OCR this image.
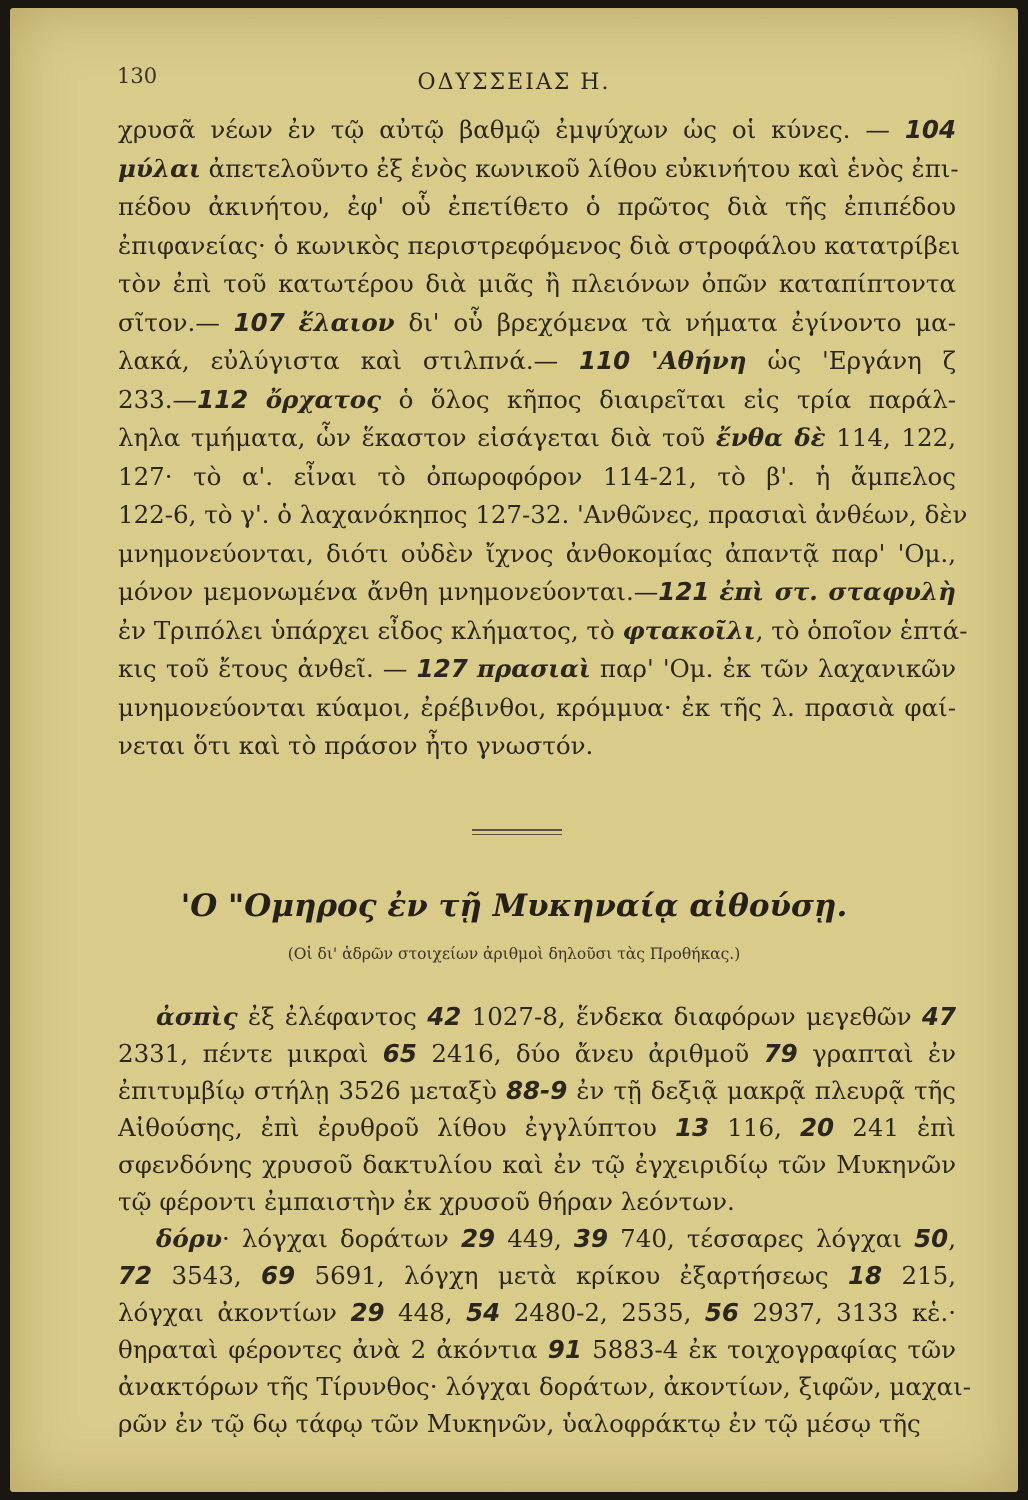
130	ΟΔΥΣΣΕΙΑΣ Η.

χρυσᾶ νέων ἐν τῷ αὐτῷ βαθμῷ ἐμψύχων ὡς οἱ κύνες. — 104
μύλαι ἀπετελοῦντο ἐξ ἑνὸς κωνικοῦ λίθου εὐκινήτου καὶ ἑνὸς ἐπι-
πέδου ἀκινήτου, ἐφ' οὗ ἐπετίθετο ὁ πρῶτος διὰ τῆς ἐπιπέδου
ἐπιφανείας· ὁ κωνικὸς περιστρεφόμενος διὰ στροφάλου κατατρίβει
τὸν ἐπὶ τοῦ κατωτέρου διὰ μιᾶς ἢ πλειόνων ὀπῶν καταπίπτοντα
σῖτον.— 107 ἔλαιον δι' οὗ βρεχόμενα τὰ νήματα ἐγίνοντο μα-
λακά, εὐλύγιστα καὶ στιλπνά.— 110 'Αθήνη ὡς 'Εργάνη ζ
233.—112 ὄρχατος ὁ ὅλος κῆπος διαιρεῖται εἰς τρία παράλ-
ληλα τμήματα, ὧν ἕκαστον εἰσάγεται διὰ τοῦ ἔνθα δὲ 114, 122,
127· τὸ α'. εἶναι τὸ ὀπωροφόρον 114-21, τὸ β'. ἡ ἄμπελος
122-6, τὸ γ'. ὁ λαχανόκηπος 127-32. 'Ανθῶνες, πρασιαὶ ἀνθέων, δὲν
μνημονεύονται, διότι οὐδὲν ἴχνος ἀνθοκομίας ἀπαντᾷ παρ' 'Ομ.,
μόνον μεμονωμένα ἄνθη μνημονεύονται.—121 ἐπὶ στ. σταφυλὴ
ἐν Τριπόλει ὑπάρχει εἶδος κλήματος, τὸ φτακοῖλι, τὸ ὁποῖον ἑπτά-
κις τοῦ ἔτους ἀνθεῖ. — 127 πρασιαὶ παρ' 'Ομ. ἐκ τῶν λαχανικῶν
μνημονεύονται κύαμοι, ἐρέβινθοι, κρόμμυα· ἐκ τῆς λ. πρασιὰ φαί-
νεται ὅτι καὶ τὸ πράσον ἦτο γνωστόν.

'Ο "Ομηρος ἐν τῇ Μυκηναίᾳ αἰθούσῃ.
(Οἱ δι' ἁδρῶν στοιχείων ἀριθμοὶ δηλοῦσι τὰς Προθήκας.)

ἀσπὶς ἐξ ἐλέφαντος 42 1027-8, ἕνδεκα διαφόρων μεγεθῶν 47
2331, πέντε μικραὶ 65 2416, δύο ἄνευ ἀριθμοῦ 79 γραπταὶ ἐν
ἐπιτυμβίῳ στήλῃ 3526 μεταξὺ 88-9 ἐν τῇ δεξιᾷ μακρᾷ πλευρᾷ τῆς
Αἰθούσης, ἐπὶ ἐρυθροῦ λίθου ἐγγλύπτου 13 116, 20 241 ἐπὶ
σφενδόνης χρυσοῦ δακτυλίου καὶ ἐν τῷ ἐγχειριδίῳ τῶν Μυκηνῶν
τῷ φέροντι ἐμπαιστὴν ἐκ χρυσοῦ θήραν λεόντων.
δόρυ· λόγχαι δοράτων 29 449, 39 740, τέσσαρες λόγχαι 50,
72 3543, 69 5691, λόγχη μετὰ κρίκου ἐξαρτήσεως 18 215,
λόγχαι ἀκοντίων 29 448, 54 2480-2, 2535, 56 2937, 3133 κἑ.·
θηραταὶ φέροντες ἀνὰ 2 ἀκόντια 91 5883-4 ἐκ τοιχογραφίας τῶν
ἀνακτόρων τῆς Τίρυνθος· λόγχαι δοράτων, ἀκοντίων, ξιφῶν, μαχαι-
ρῶν ἐν τῷ 6ῳ τάφῳ τῶν Μυκηνῶν, ὑαλοφράκτῳ ἐν τῷ μέσῳ τῆς
